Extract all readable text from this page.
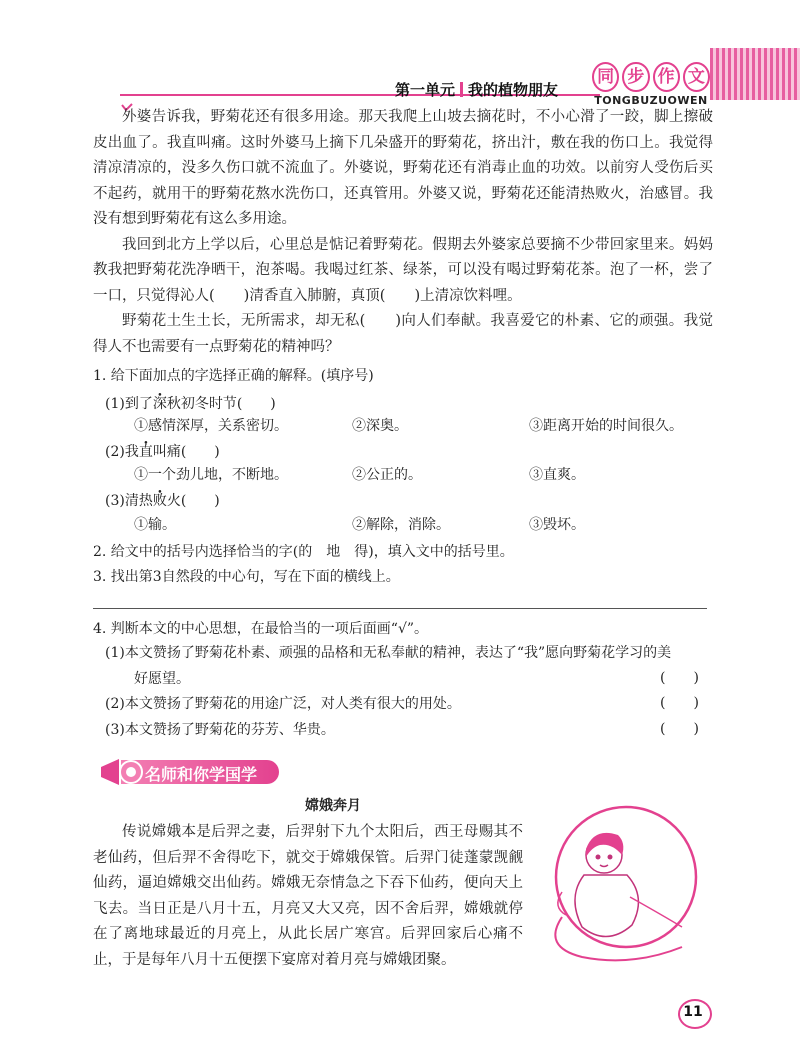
第一单元 我的植物朋友
同 步 作 文
TONGBUZUOWEN

外婆告诉我，野菊花还有很多用途。那天我爬上山坡去摘花时，不小心滑了一跤，脚上擦破皮出血了。我直叫痛。这时外婆马上摘下几朵盛开的野菊花，挤出汁，敷在我的伤口上。我觉得清凉清凉的，没多久伤口就不流血了。外婆说，野菊花还有消毒止血的功效。以前穷人受伤后买不起药，就用干的野菊花熬水洗伤口，还真管用。外婆又说，野菊花还能清热败火，治感冒。我没有想到野菊花有这么多用途。

我回到北方上学以后，心里总是惦记着野菊花。假期去外婆家总要摘不少带回家里来。妈妈教我把野菊花洗净晒干，泡茶喝。我喝过红茶、绿茶，可以没有喝过野菊花茶。泡了一杯，尝了一口，只觉得沁人(　　)清香直入肺腑，真顶(　　)上清凉饮料哩。

野菊花土生土长，无所需求，却无私(　　)向人们奉献。我喜爱它的朴素、它的顽强。我觉得人不也需要有一点野菊花的精神吗？

1. 给下面加点的字选择正确的解释。(填序号)
(1)到了深秋初冬时节(　　)
①感情深厚，关系密切。	②深奥。	③距离开始的时间很久。
(2)我直叫痛(　　)
①一个劲儿地，不断地。	②公正的。	③直爽。
(3)清热败火(　　)
①输。	②解除，消除。	③毁坏。
2. 给文中的括号内选择恰当的字(的　地　得)，填入文中的括号里。
3. 找出第3自然段的中心句，写在下面的横线上。
4. 判断本文的中心思想，在最恰当的一项后面画“√”。
(1)本文赞扬了野菊花朴素、顽强的品格和无私奉献的精神，表达了“我”愿向野菊花学习的美
好愿望。	(　　)
(2)本文赞扬了野菊花的用途广泛，对人类有很大的用处。	(　　)
(3)本文赞扬了野菊花的芬芳、华贵。	(　　)
名师和你学国学
嫦娥奔月

传说嫦娥本是后羿之妻，后羿射下九个太阳后，西王母赐其不老仙药，但后羿不舍得吃下，就交于嫦娥保管。后羿门徒蓬蒙觊觎仙药，逼迫嫦娥交出仙药。嫦娥无奈情急之下吞下仙药，便向天上飞去。当日正是八月十五，月亮又大又亮，因不舍后羿，嫦娥就停在了离地球最近的月亮上，从此长居广寒宫。后羿回家后心痛不止，于是每年八月十五便摆下宴席对着月亮与嫦娥团聚。

11
